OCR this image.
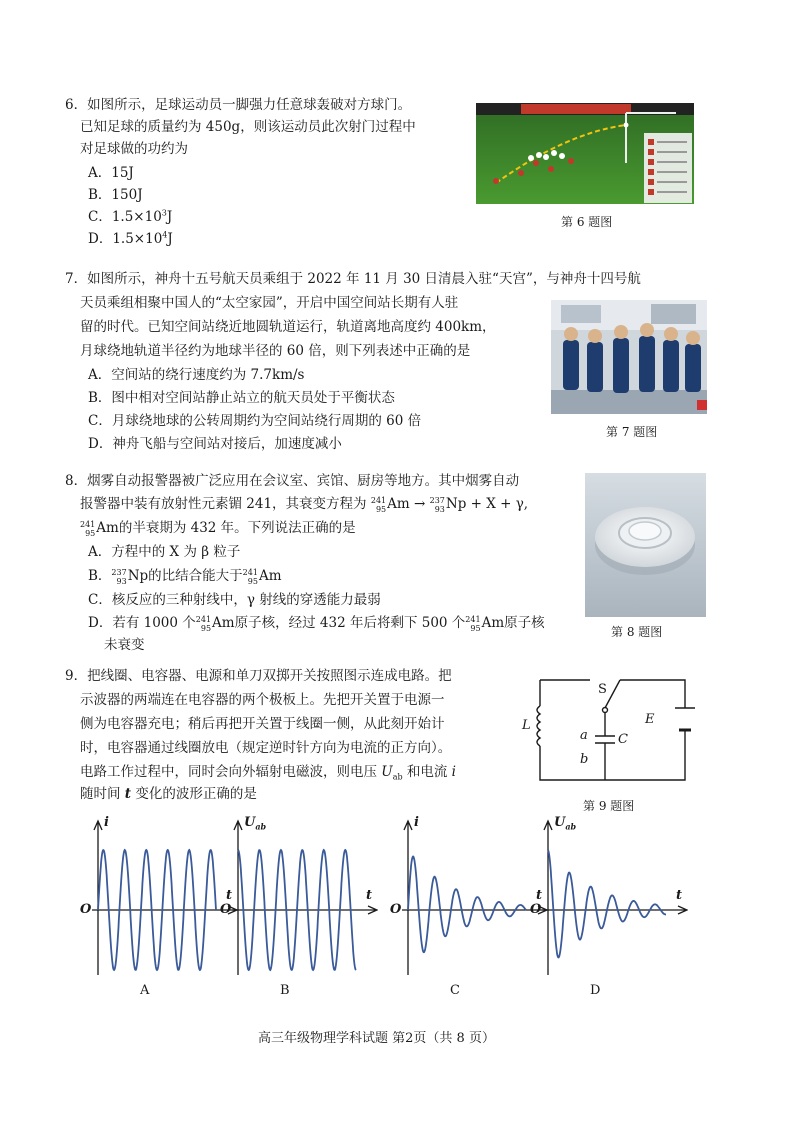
6．如图所示，足球运动员一脚强力任意球轰破对方球门。
已知足球的质量约为 450g，则该运动员此次射门过程中
对足球做的功约为
A．15J
B．150J
C．$1.5\times 10^3J$
D．$1.5\times 10^4J$
第 6 题图
7．如图所示，神舟十五号航天员乘组于 2022 年 11 月 30 日清晨入驻“天宫”，与神舟十四号航
天员乘组相聚中国人的“太空家园”，开启中国空间站长期有人驻
留的时代。已知空间站绕近地圆轨道运行，轨道离地高度约 400km，
月球绕地轨道半径约为地球半径的 60 倍，则下列表述中正确的是
A．空间站的绕行速度约为 7.7km/s
B．图中相对空间站静止站立的航天员处于平衡状态
C．月球绕地球的公转周期约为空间站绕行周期的 60 倍
D．神舟飞船与空间站对接后，加速度减小
第 7 题图
8．烟雾自动报警器被广泛应用在会议室、宾馆、厨房等地方。其中烟雾自动
报警器中装有放射性元素镅 241，其衰变方程为 241
95 Am → 237
93 Np + X + γ,
241
95 Am的半衰期为 432 年。下列说法正确的是
A．方程中的 X 为 β 粒子
B． 237
93 Np的比结合能大于 241
95 Am
C．核反应的三种射线中，γ 射线的穿透能力最弱
D．若有 1000 个 241
95 Am原子核，经过 432 年后将剩下 500 个 241
95 Am原子核
未衰变
第 8 题图
9．把线圈、电容器、电源和单刀双掷开关按照图示连成电路。把
示波器的两端连在电容器的两个极板上。先把开关置于电源一
侧为电容器充电；稍后再把开关置于线圈一侧，从此刻开始计
时，电容器通过线圈放电（规定逆时针方向为电流的正方向）。
电路工作过程中，同时会向外辐射电磁波，则电压 $U_{ab}$ 和电流 i
随时间 t 变化的波形正确的是
S
L	E
a C
b
第 9 题图
i
t
O
A
$U_{ab}$
t
O
B
i
t
O
C
$U_{ab}$
t
O
D
高三年级物理学科试题 第2页（共 8 页）
